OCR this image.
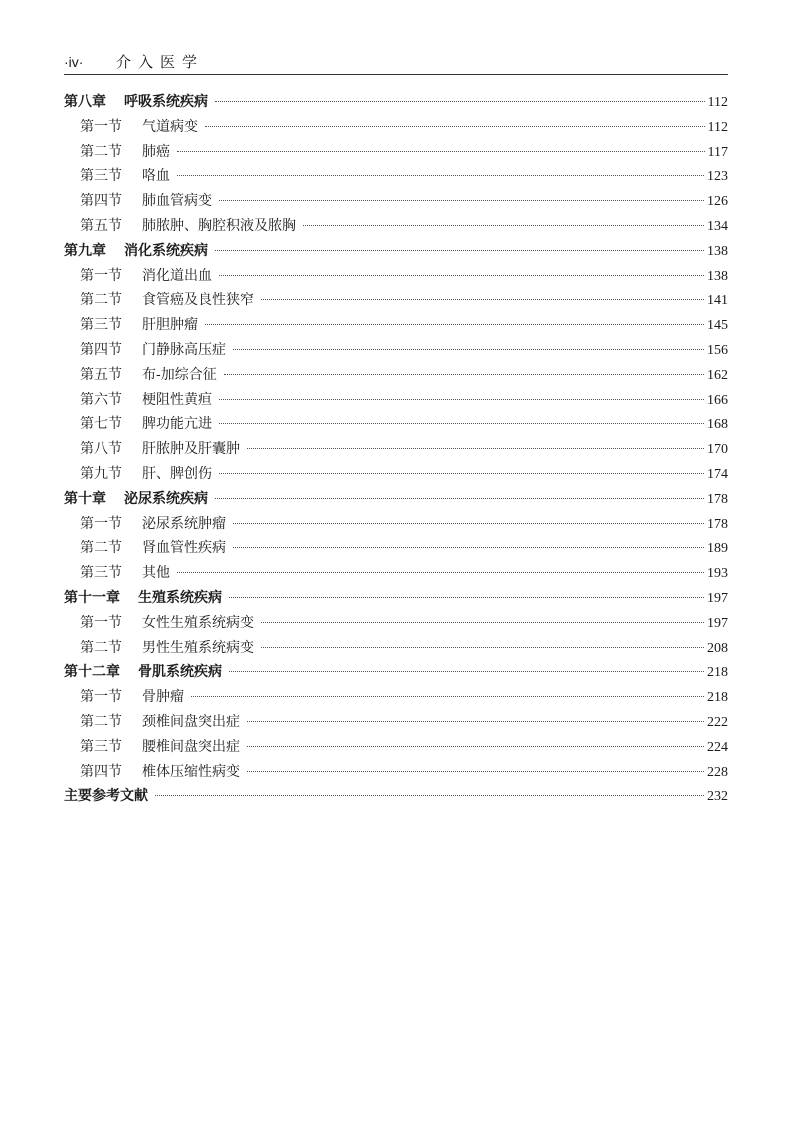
·iv· 介入医学
第八章 呼吸系统疾病	112
第一节	气道病变	112
第二节	肺癌	117
第三节	咯血	123
第四节	肺血管病变	126
第五节	肺脓肿、胸腔积液及脓胸	134
第九章 消化系统疾病	138
第一节	消化道出血	138
第二节	食管癌及良性狭窄	141
第三节	肝胆肿瘤	145
第四节	门静脉高压症	156
第五节	布-加综合征	162
第六节	梗阻性黄疸	166
第七节	脾功能亢进	168
第八节	肝脓肿及肝囊肿	170
第九节	肝、脾创伤	174
第十章 泌尿系统疾病	178
第一节	泌尿系统肿瘤	178
第二节	肾血管性疾病	189
第三节	其他	193
第十一章 生殖系统疾病	197
第一节	女性生殖系统病变	197
第二节	男性生殖系统病变	208
第十二章 骨肌系统疾病	218
第一节	骨肿瘤	218
第二节	颈椎间盘突出症	222
第三节	腰椎间盘突出症	224
第四节	椎体压缩性病变	228
主要参考文献	232
